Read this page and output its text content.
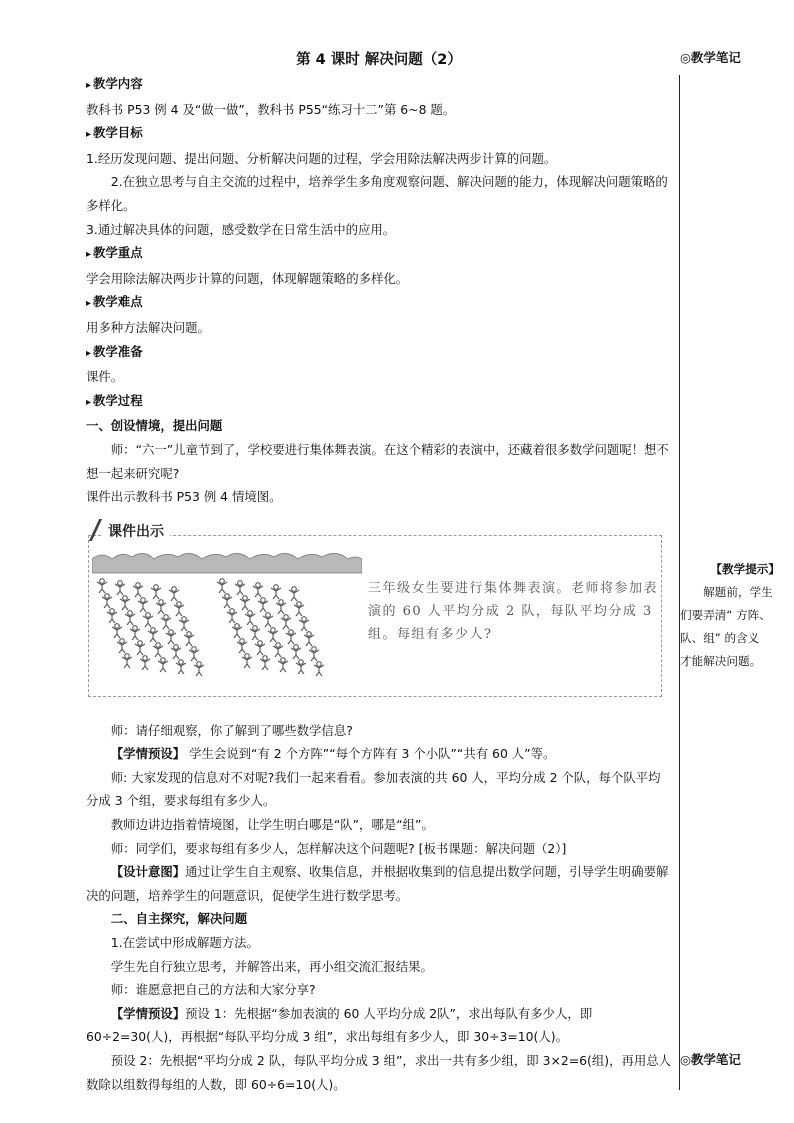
第 4 课时 解决问题（2）

▸ 教学内容

教科书 P53 例 4 及“做一做”，教科书 P55“练习十二”第 6~8 题。

▸ 教学目标

1.经历发现问题、提出问题、分析解决问题的过程，学会用除法解决两步计算的问题。

2.在独立思考与自主交流的过程中，培养学生多角度观察问题、解决问题的能力，体现解决问题策略的多样化。

3.通过解决具体的问题，感受数学在日常生活中的应用。

▸ 教学重点

学会用除法解决两步计算的问题，体现解题策略的多样化。

▸ 教学难点

用多种方法解决问题。

▸ 教学准备

课件。

▸ 教学过程

一、创设情境，提出问题

师：“六一”儿童节到了，学校要进行集体舞表演。在这个精彩的表演中，还藏着很多数学问题呢！想不想一起来研究呢?

课件出示教科书 P53 例 4 情境图。

课件出示
三年级女生要进行集体舞表演。老师将参加表演的 60 人平均分成 2 队，每队平均分成 3 组。每组有多少人?

师：请仔细观察，你了解到了哪些数学信息?

【学情预设】 学生会说到“有 2 个方阵”“每个方阵有 3 个小队”“共有 60 人”等。

师: 大家发现的信息对不对呢?我们一起来看看。参加表演的共 60 人，平均分成 2 个队，每个队平均分成 3 个组，要求每组有多少人。

教师边讲边指着情境图，让学生明白哪是“队”，哪是“组”。

师：同学们，要求每组有多少人，怎样解决这个问题呢? [板书课题：解决问题（2）]

【设计意图】通过让学生自主观察、收集信息，并根据收集到的信息提出数学问题，引导学生明确要解决的问题，培养学生的问题意识，促使学生进行数学思考。

二、自主探究，解决问题

1.在尝试中形成解题方法。

学生先自行独立思考，并解答出来，再小组交流汇报结果。

师：谁愿意把自己的方法和大家分享?

【学情预设】预设 1：先根据“参加表演的 60 人平均分成 2队”，求出每队有多少人，即 60÷2=30(人)，再根据“每队平均分成 3 组”，求出每组有多少人，即 30÷3=10(人)。

预设 2：先根据“平均分成 2 队，每队平均分成 3 组”，求出一共有多少组，即 3×2=6(组)，再用总人数除以组数得每组的人数，即 60÷6=10(人)。

◎教学笔记
【教学提示】
解题前，学生
们要弄清“ 方阵、
队、组” 的含义
才能解决问题。
◎教学笔记
